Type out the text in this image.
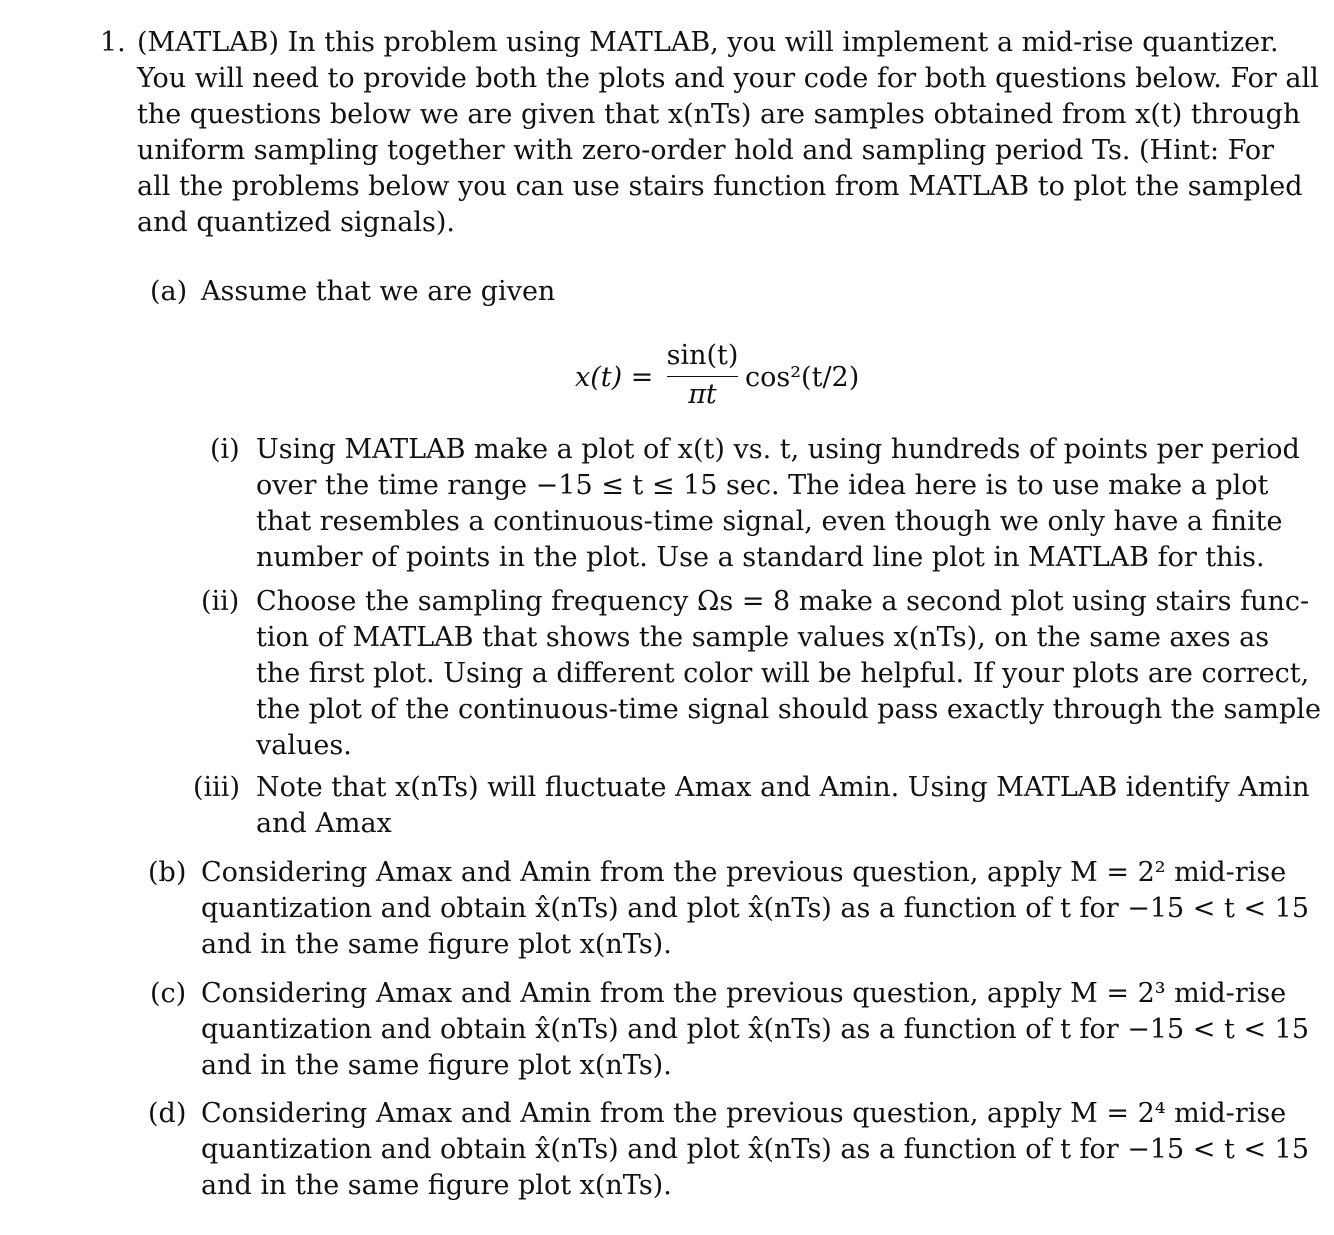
1. (MATLAB) In this problem using MATLAB, you will implement a mid-rise quantizer.
You will need to provide both the plots and your code for both questions below. For all
the questions below we are given that x(nTs) are samples obtained from x(t) through
uniform sampling together with zero-order hold and sampling period Ts. (Hint: For
all the problems below you can use stairs function from MATLAB to plot the sampled
and quantized signals).
(a) Assume that we are given
x(t) =
sin(t)
πt
cos²(t/2)
(i) Using MATLAB make a plot of x(t) vs. t, using hundreds of points per period
over the time range −15 ≤ t ≤ 15 sec. The idea here is to use make a plot
that resembles a continuous-time signal, even though we only have a finite
number of points in the plot. Use a standard line plot in MATLAB for this.
(ii) Choose the sampling frequency Ωs = 8 make a second plot using stairs func-
tion of MATLAB that shows the sample values x(nTs), on the same axes as
the first plot. Using a different color will be helpful. If your plots are correct,
the plot of the continuous-time signal should pass exactly through the sample
values.
(iii) Note that x(nTs) will fluctuate Amax and Amin. Using MATLAB identify Amin
and Amax
(b) Considering Amax and Amin from the previous question, apply M = 2² mid-rise
quantization and obtain x̂(nTs) and plot x̂(nTs) as a function of t for −15 < t < 15
and in the same figure plot x(nTs).
(c) Considering Amax and Amin from the previous question, apply M = 2³ mid-rise
quantization and obtain x̂(nTs) and plot x̂(nTs) as a function of t for −15 < t < 15
and in the same figure plot x(nTs).
(d) Considering Amax and Amin from the previous question, apply M = 2⁴ mid-rise
quantization and obtain x̂(nTs) and plot x̂(nTs) as a function of t for −15 < t < 15
and in the same figure plot x(nTs).
